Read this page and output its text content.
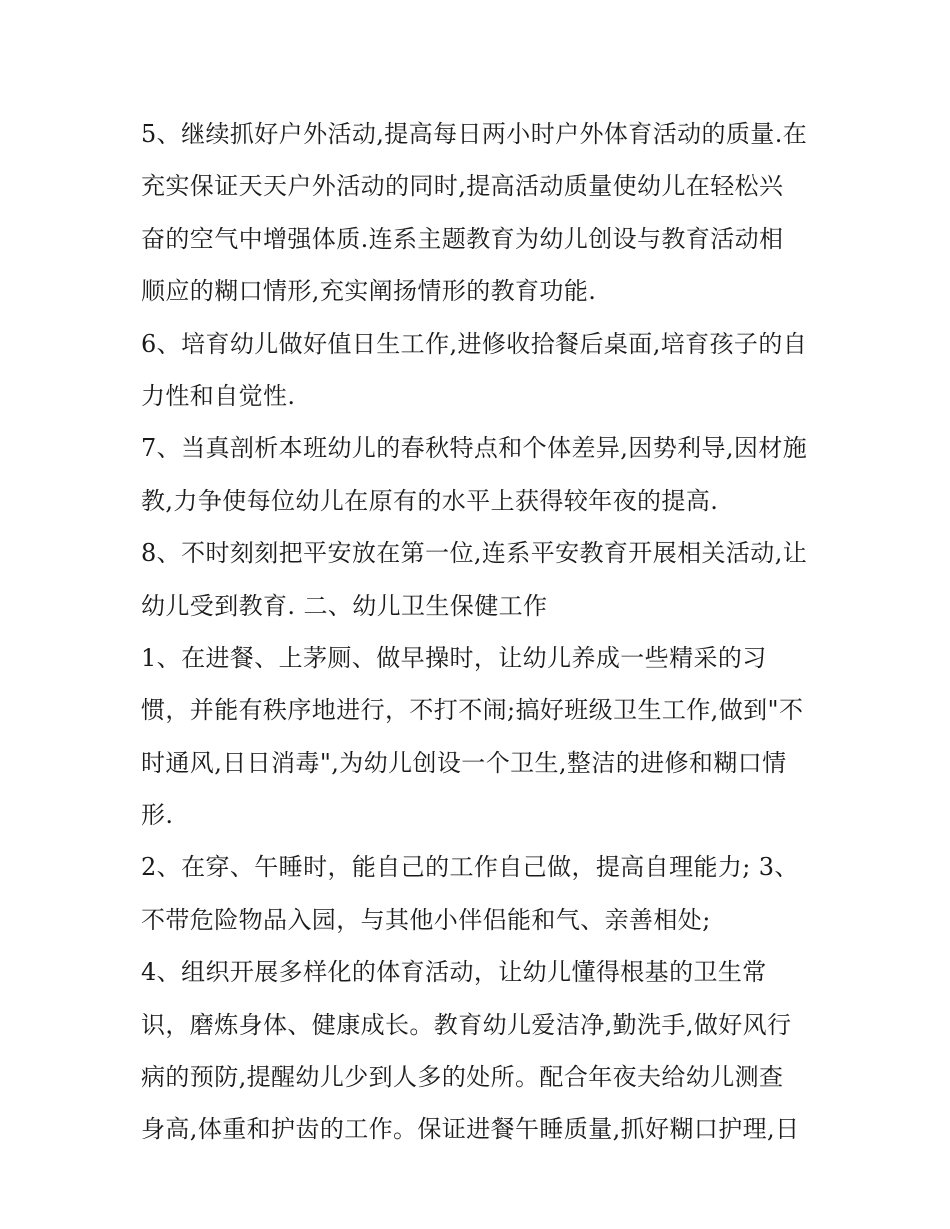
5、继续抓好户外活动,提高每日两小时户外体育活动的质量.在
充实保证天天户外活动的同时,提高活动质量使幼儿在轻松兴
奋的空气中增强体质.连系主题教育为幼儿创设与教育活动相
顺应的糊口情形,充实阐扬情形的教育功能.
6、培育幼儿做好值日生工作,进修收拾餐后桌面,培育孩子的自
力性和自觉性.
7、当真剖析本班幼儿的春秋特点和个体差异,因势利导,因材施
教,力争使每位幼儿在原有的水平上获得较年夜的提高.
8、不时刻刻把平安放在第一位,连系平安教育开展相关活动,让
幼儿受到教育. 二、幼儿卫生保健工作
1、在进餐、上茅厕、做早操时，让幼儿养成一些精采的习
惯，并能有秩序地进行，不打不闹;搞好班级卫生工作,做到"不
时通风,日日消毒",为幼儿创设一个卫生,整洁的进修和糊口情
形.
2、在穿、午睡时，能自己的工作自己做，提高自理能力; 3、
不带危险物品入园，与其他小伴侣能和气、亲善相处;
4、组织开展多样化的体育活动，让幼儿懂得根基的卫生常
识，磨炼身体、健康成长。教育幼儿爱洁净,勤洗手,做好风行
病的预防,提醒幼儿少到人多的处所。配合年夜夫给幼儿测查
身高,体重和护齿的工作。保证进餐午睡质量,抓好糊口护理,日
